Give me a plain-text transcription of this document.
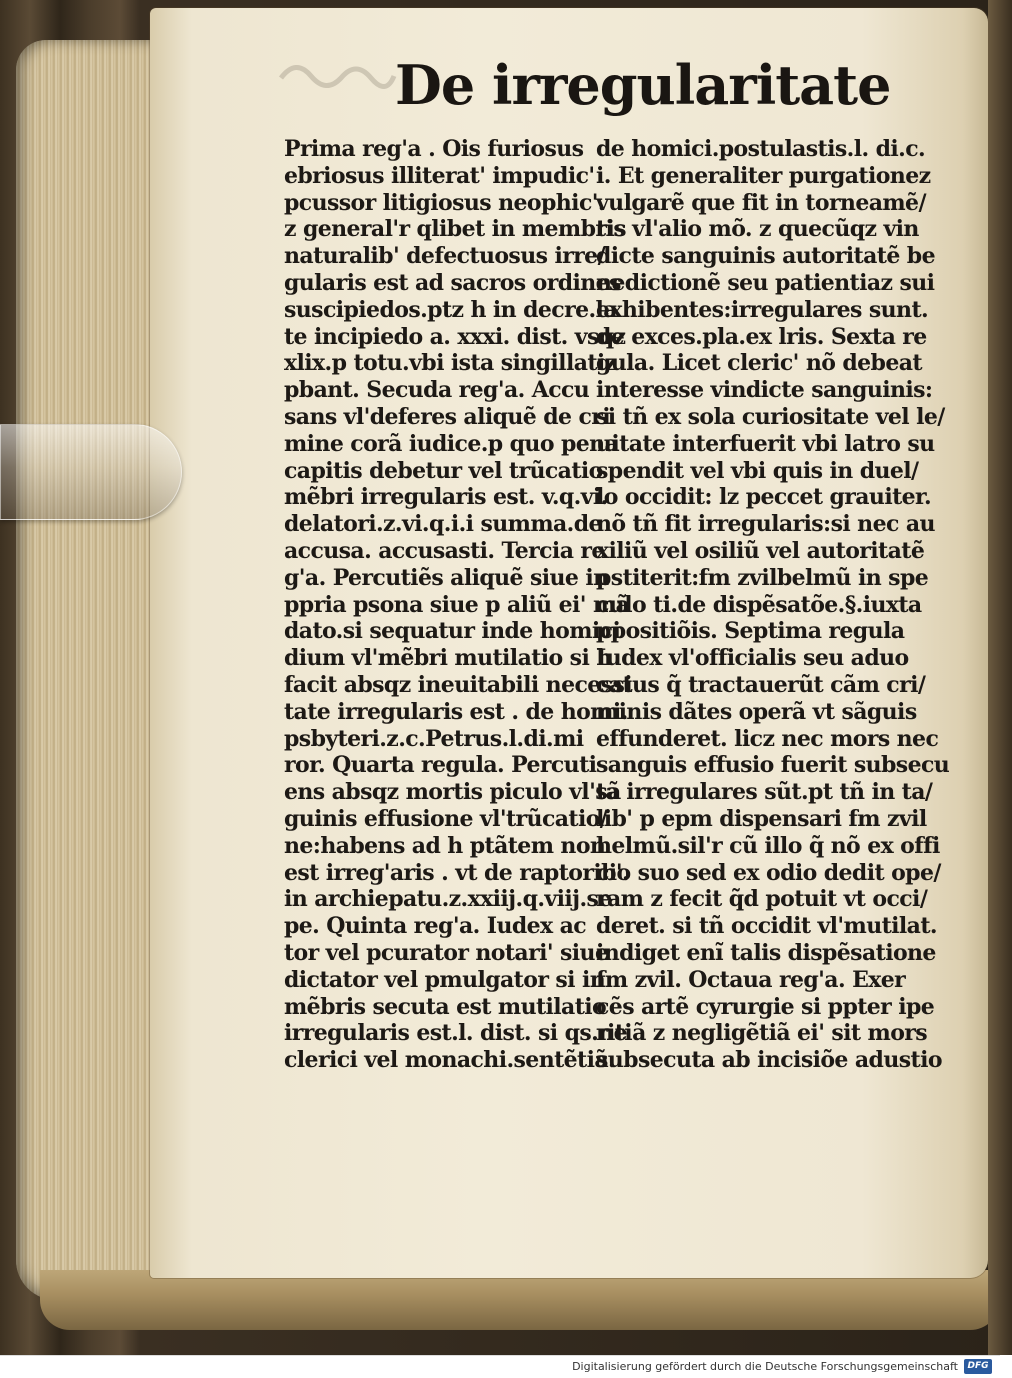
De irregularitate
Prima reg'a . Ois furiosus
ebriosus illiterat' impudic'
pcussor litigiosus neophic'.
z general'r qlibet in membris
naturalib' defectuosus irre/
gularis est ad sacros ordines
suscipiedos.ptz h in decre.la
te incipiedo a. xxxi. dist. vsqz
xlix.p totu.vbi ista singillatiz
pbant. Secuda reg'a. Accu
sans vl'deferes aliquẽ de cri
mine corã iudice.p quo pena
capitis debetur vel trũcatio
mẽbri irregularis est. v.q.vi.
delatori.z.vi.q.i.i summa.de
accusa. accusasti. Tercia re
g'a. Percutiẽs aliquẽ siue in
ppria psona siue p aliũ ei' mã
dato.si sequatur inde homici
dium vl'mẽbri mutilatio si h
facit absqz ineuitabili necessi
tate irregularis est . de homi.
psbyteri.z.c.Petrus.l.di.mi
ror. Quarta regula. Percuti
ens absqz mortis piculo vl'sã
guinis effusione vl'trũcatio/
ne:habens ad h ptãtem non
est irreg'aris . vt de raptorib'.
in archiepatu.z.xxiij.q.viij.se
pe. Quinta reg'a. Iudex ac
tor vel pcurator notari' siue
dictator vel pmulgator si in
mẽbris secuta est mutilatio
irregularis est.l. dist. si qs.ne
clerici vel monachi.sentẽtiã.
de homici.postulastis.l. di.c.
i. Et generaliter purgationez
vulgarẽ que fit in torneamẽ/
tis vl'alio mõ. z quecũqz vin
dicte sanguinis autoritatẽ be
nedictionẽ seu patientiaz sui
exhibentes:irregulares sunt.
de exces.pla.ex lris. Sexta re
gula. Licet cleric' nõ debeat
interesse vindicte sanguinis:
si tñ ex sola curiositate vel le/
uitate interfuerit vbi latro su
spendit vel vbi quis in duel/
lo occidit: lz peccet grauiter.
nõ tñ fit irregularis:si nec au
xiliũ vel osiliũ vel autoritatẽ
pstiterit:fm zvilbelmũ in spe
culo ti.de dispẽsatõe.§.iuxta
ppositiõis. Septima regula
Iudex vl'officialis seu aduo
catus q̃ tractauerũt cãm cri/
minis dãtes operã vt sãguis
effunderet. licz nec mors nec
sanguis effusio fuerit subsecu
ta irregulares sũt.pt tñ in ta/
lib' p epm dispensari fm zvil
helmũ.sil'r cũ illo q̃ nõ ex offi
cio suo sed ex odio dedit ope/
ram z fecit q̃d potuit vt occi/
deret. si tñ occidit vl'mutilat.
indiget enĩ talis dispẽsatione
fm zvil. Octaua reg'a. Exer
cẽs artẽ cyrurgie si ppter ipe
ritiã z negligẽtiã ei' sit mors
subsecuta ab incisiõe adustio
Digitalisierung gefördert durch die Deutsche Forschungsgemeinschaft	DFG
